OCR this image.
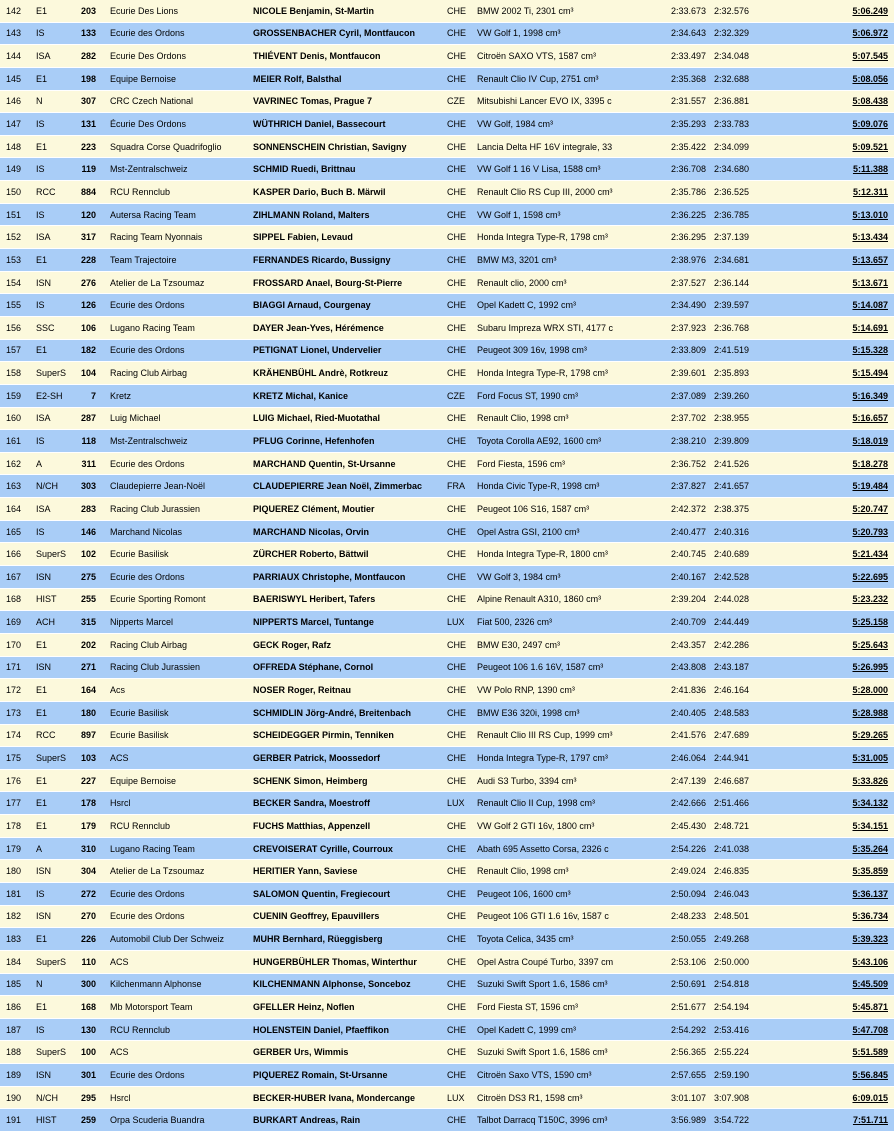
142	E1	203	Ecurie Des Lions	NICOLE Benjamin, St-Martin	CHE	BMW 2002 Ti, 2301 cm³	2:33.673	2:32.576	5:06.249
143	IS	133	Ecurie des Ordons	GROSSENBACHER Cyril, Montfaucon	CHE	VW Golf 1, 1998 cm³	2:34.643	2:32.329	5:06.972
144	ISA	282	Ecurie Des Ordons	THIÉVENT Denis, Montfaucon	CHE	Citroën SAXO VTS, 1587 cm³	2:33.497	2:34.048	5:07.545
145	E1	198	Equipe Bernoise	MEIER Rolf, Balsthal	CHE	Renault Clio IV Cup, 2751 cm³	2:35.368	2:32.688	5:08.056
146	N	307	CRC Czech National	VAVRINEC Tomas, Prague 7	CZE	Mitsubishi Lancer EVO IX, 3395 c	2:31.557	2:36.881	5:08.438
147	IS	131	Écurie Des Ordons	WÜTHRICH Daniel, Bassecourt	CHE	VW Golf, 1984 cm³	2:35.293	2:33.783	5:09.076
148	E1	223	Squadra Corse Quadrifoglio	SONNENSCHEIN Christian, Savigny	CHE	Lancia Delta HF 16V integrale, 33	2:35.422	2:34.099	5:09.521
149	IS	119	Mst-Zentralschweiz	SCHMID Ruedi, Brittnau	CHE	VW Golf 1 16 V Lisa, 1588 cm³	2:36.708	2:34.680	5:11.388
150	RCC	884	RCU Rennclub	KASPER Dario, Buch B. Märwil	CHE	Renault Clio RS Cup III, 2000 cm³	2:35.786	2:36.525	5:12.311
151	IS	120	Autersa Racing Team	ZIHLMANN Roland, Malters	CHE	VW Golf 1, 1598 cm³	2:36.225	2:36.785	5:13.010
152	ISA	317	Racing Team Nyonnais	SIPPEL Fabien, Levaud	CHE	Honda Integra Type-R, 1798 cm³	2:36.295	2:37.139	5:13.434
153	E1	228	Team Trajectoire	FERNANDES Ricardo, Bussigny	CHE	BMW M3, 3201 cm³	2:38.976	2:34.681	5:13.657
154	ISN	276	Atelier de La Tzsoumaz	FROSSARD Anael, Bourg-St-Pierre	CHE	Renault clio, 2000 cm³	2:37.527	2:36.144	5:13.671
155	IS	126	Ecurie des Ordons	BIAGGI Arnaud, Courgenay	CHE	Opel Kadett C, 1992 cm³	2:34.490	2:39.597	5:14.087
156	SSC	106	Lugano Racing Team	DAYER Jean-Yves, Hérémence	CHE	Subaru Impreza WRX STI, 4177 c	2:37.923	2:36.768	5:14.691
157	E1	182	Ecurie des Ordons	PETIGNAT Lionel, Undervelier	CHE	Peugeot 309 16v, 1998 cm³	2:33.809	2:41.519	5:15.328
158	SuperS	104	Racing Club Airbag	KRÄHENBÜHL Andrè, Rotkreuz	CHE	Honda Integra Type-R, 1798 cm³	2:39.601	2:35.893	5:15.494
159	E2-SH	7	Kretz	KRETZ Michal, Kanice	CZE	Ford Focus ST, 1990 cm³	2:37.089	2:39.260	5:16.349
160	ISA	287	Luig Michael	LUIG Michael, Ried-Muotathal	CHE	Renault Clio, 1998 cm³	2:37.702	2:38.955	5:16.657
161	IS	118	Mst-Zentralschweiz	PFLUG Corinne, Hefenhofen	CHE	Toyota Corolla AE92, 1600 cm³	2:38.210	2:39.809	5:18.019
162	A	311	Ecurie des Ordons	MARCHAND Quentin, St-Ursanne	CHE	Ford Fiesta, 1596 cm³	2:36.752	2:41.526	5:18.278
163	N/CH	303	Claudepierre Jean-Noël	CLAUDEPIERRE Jean Noël, Zimmerbac	FRA	Honda Civic Type-R, 1998 cm³	2:37.827	2:41.657	5:19.484
164	ISA	283	Racing Club Jurassien	PIQUEREZ Clément, Moutier	CHE	Peugeot 106 S16, 1587 cm³	2:42.372	2:38.375	5:20.747
165	IS	146	Marchand Nicolas	MARCHAND Nicolas, Orvin	CHE	Opel Astra GSI, 2100 cm³	2:40.477	2:40.316	5:20.793
166	SuperS	102	Ecurie Basilisk	ZÜRCHER Roberto, Bättwil	CHE	Honda Integra Type-R, 1800 cm³	2:40.745	2:40.689	5:21.434
167	ISN	275	Ecurie des Ordons	PARRIAUX Christophe, Montfaucon	CHE	VW Golf 3, 1984 cm³	2:40.167	2:42.528	5:22.695
168	HIST	255	Ecurie Sporting Romont	BAERISWYL Heribert, Tafers	CHE	Alpine Renault A310, 1860 cm³	2:39.204	2:44.028	5:23.232
169	ACH	315	Nipperts Marcel	NIPPERTS Marcel, Tuntange	LUX	Fiat 500, 2326 cm³	2:40.709	2:44.449	5:25.158
170	E1	202	Racing Club Airbag	GECK Roger, Rafz	CHE	BMW E30, 2497 cm³	2:43.357	2:42.286	5:25.643
171	ISN	271	Racing Club Jurassien	OFFREDA Stéphane, Cornol	CHE	Peugeot 106 1.6 16V, 1587 cm³	2:43.808	2:43.187	5:26.995
172	E1	164	Acs	NOSER Roger, Reitnau	CHE	VW Polo RNP, 1390 cm³	2:41.836	2:46.164	5:28.000
173	E1	180	Ecurie Basilisk	SCHMIDLIN Jörg-André, Breitenbach	CHE	BMW E36 320i, 1998 cm³	2:40.405	2:48.583	5:28.988
174	RCC	897	Ecurie Basilisk	SCHEIDEGGER Pirmin, Tenniken	CHE	Renault Clio III RS Cup, 1999 cm³	2:41.576	2:47.689	5:29.265
175	SuperS	103	ACS	GERBER Patrick, Moossedorf	CHE	Honda Integra Type-R, 1797 cm³	2:46.064	2:44.941	5:31.005
176	E1	227	Equipe Bernoise	SCHENK Simon, Heimberg	CHE	Audi S3 Turbo, 3394 cm³	2:47.139	2:46.687	5:33.826
177	E1	178	Hsrcl	BECKER Sandra, Moestroff	LUX	Renault Clio II Cup, 1998 cm³	2:42.666	2:51.466	5:34.132
178	E1	179	RCU Rennclub	FUCHS Matthias, Appenzell	CHE	VW Golf 2 GTI 16v, 1800 cm³	2:45.430	2:48.721	5:34.151
179	A	310	Lugano Racing Team	CREVOISERAT Cyrille, Courroux	CHE	Abath 695 Assetto Corsa, 2326 c	2:54.226	2:41.038	5:35.264
180	ISN	304	Atelier de La Tzsoumaz	HERITIER Yann, Saviese	CHE	Renault Clio, 1998 cm³	2:49.024	2:46.835	5:35.859
181	IS	272	Ecurie des Ordons	SALOMON Quentin, Fregiecourt	CHE	Peugeot 106, 1600 cm³	2:50.094	2:46.043	5:36.137
182	ISN	270	Ecurie des Ordons	CUENIN Geoffrey, Epauvillers	CHE	Peugeot 106 GTI 1.6 16v, 1587 c	2:48.233	2:48.501	5:36.734
183	E1	226	Automobil Club Der Schweiz	MUHR Bernhard, Rüeggisberg	CHE	Toyota Celica, 3435 cm³	2:50.055	2:49.268	5:39.323
184	SuperS	110	ACS	HUNGERBÜHLER Thomas, Winterthur	CHE	Opel Astra Coupé Turbo, 3397 cm	2:53.106	2:50.000	5:43.106
185	N	300	Kilchenmann Alphonse	KILCHENMANN Alphonse, Sonceboz	CHE	Suzuki Swift Sport 1.6, 1586 cm³	2:50.691	2:54.818	5:45.509
186	E1	168	Mb Motorsport Team	GFELLER Heinz, Noflen	CHE	Ford Fiesta ST, 1596 cm³	2:51.677	2:54.194	5:45.871
187	IS	130	RCU Rennclub	HOLENSTEIN Daniel, Pfaeffikon	CHE	Opel Kadett C, 1999 cm³	2:54.292	2:53.416	5:47.708
188	SuperS	100	ACS	GERBER Urs, Wimmis	CHE	Suzuki Swift Sport 1.6, 1586 cm³	2:56.365	2:55.224	5:51.589
189	ISN	301	Ecurie des Ordons	PIQUEREZ Romain, St-Ursanne	CHE	Citroën Saxo VTS, 1590 cm³	2:57.655	2:59.190	5:56.845
190	N/CH	295	Hsrcl	BECKER-HUBER Ivana, Mondercange	LUX	Citroën DS3 R1, 1598 cm³	3:01.107	3:07.908	6:09.015
191	HIST	259	Orpa Scuderia Buandra	BURKART Andreas, Rain	CHE	Talbot Darracq T150C, 3996 cm³	3:56.989	3:54.722	7:51.711
